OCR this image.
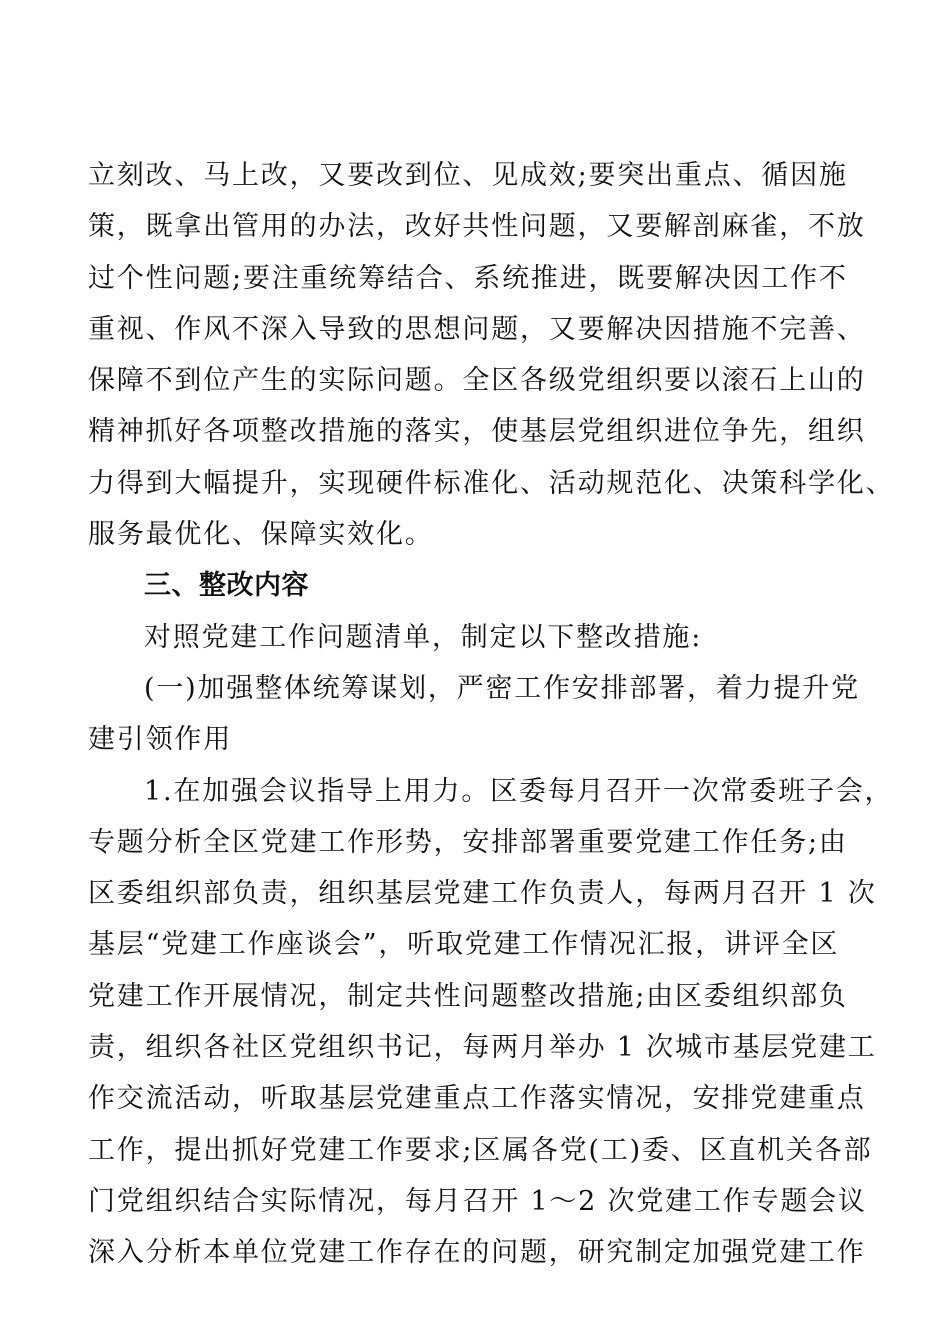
立刻改、马上改，又要改到位、见成效;要突出重点、循因施
策，既拿出管用的办法，改好共性问题，又要解剖麻雀，不放
过个性问题;要注重统筹结合、系统推进，既要解决因工作不
重视、作风不深入导致的思想问题，又要解决因措施不完善、
保障不到位产生的实际问题。全区各级党组织要以滚石上山的
精神抓好各项整改措施的落实，使基层党组织进位争先，组织
力得到大幅提升，实现硬件标准化、活动规范化、决策科学化、
服务最优化、保障实效化。
三、整改内容
对照党建工作问题清单，制定以下整改措施:
(一)加强整体统筹谋划，严密工作安排部署，着力提升党
建引领作用
1.在加强会议指导上用力。区委每月召开一次常委班子会，
专题分析全区党建工作形势，安排部署重要党建工作任务;由
区委组织部负责，组织基层党建工作负责人，每两月召开 1 次
基层“党建工作座谈会”，听取党建工作情况汇报，讲评全区
党建工作开展情况，制定共性问题整改措施;由区委组织部负
责，组织各社区党组织书记，每两月举办 1 次城市基层党建工
作交流活动，听取基层党建重点工作落实情况，安排党建重点
工作，提出抓好党建工作要求;区属各党(工)委、区直机关各部
门党组织结合实际情况，每月召开 1～2 次党建工作专题会议
深入分析本单位党建工作存在的问题，研究制定加强党建工作
